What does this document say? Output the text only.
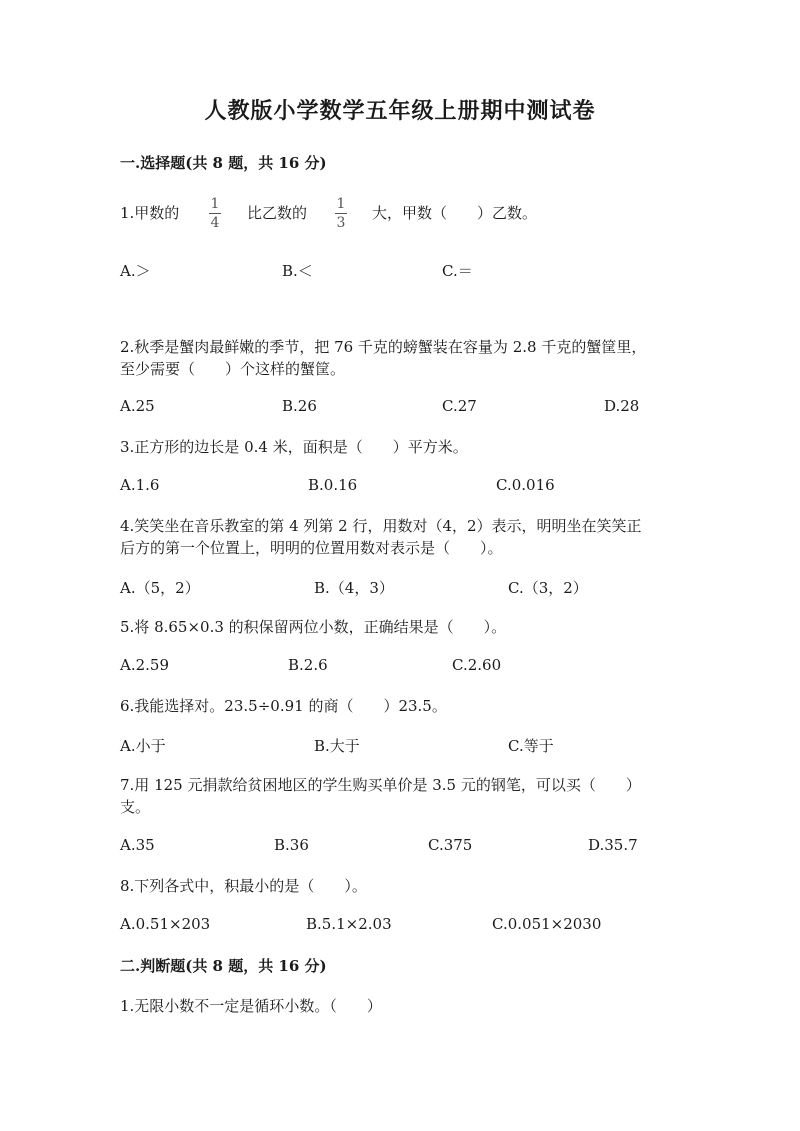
人教版小学数学五年级上册期中测试卷
一.选择题(共 8 题，共 16 分)
1.甲数的 1
4
比乙数的 1
3
大，甲数（　　）乙数。
A.＞	B.＜	C.＝
2.秋季是蟹肉最鲜嫩的季节，把 76 千克的螃蟹装在容量为 2.8 千克的蟹筐里，
至少需要（　　）个这样的蟹筐。
A.25	B.26	C.27	D.28
3.正方形的边长是 0.4 米，面积是（　　）平方米。
A.1.6	B.0.16	C.0.016
4.笑笑坐在音乐教室的第 4 列第 2 行，用数对（4，2）表示，明明坐在笑笑正
后方的第一个位置上，明明的位置用数对表示是（　　）。
A.（5，2）	B.（4，3）	C.（3，2）
5.将 8.65×0.3 的积保留两位小数，正确结果是（　　）。
A.2.59	B.2.6	C.2.60
6.我能选择对。23.5÷0.91 的商（　　）23.5。
A.小于	B.大于	C.等于
7.用 125 元捐款给贫困地区的学生购买单价是 3.5 元的钢笔，可以买（　　）
支。
A.35	B.36	C.375	D.35.7
8.下列各式中，积最小的是（　　）。
A.0.51×203	B.5.1×2.03	C.0.051×2030
二.判断题(共 8 题，共 16 分)
1.无限小数不一定是循环小数。（　　）
